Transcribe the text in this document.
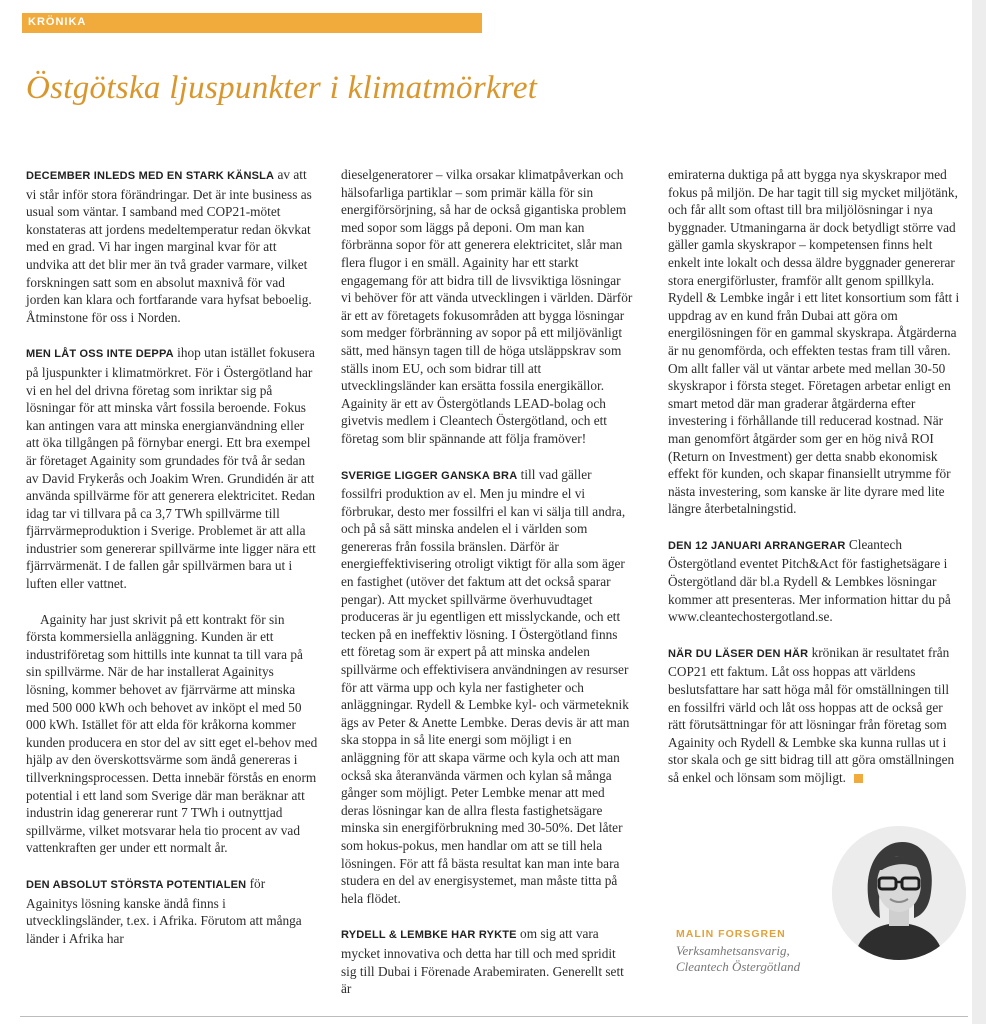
KRÖNIKA
Östgötska ljuspunkter i klimatmörkret

DECEMBER INLEDS MED EN STARK KÄNSLA av att vi står inför stora förändringar. Det är inte business as usual som väntar. I samband med COP21-mötet konstateras att jordens medeltemperatur redan ökvkat med en grad. Vi har ingen marginal kvar för att undvika att det blir mer än två grader varmare, vilket forskningen satt som en absolut maxnivå för vad jorden kan klara och fortfarande vara hyfsat beboelig. Åtminstone för oss i Norden.

MEN LÅT OSS INTE DEPPA ihop utan istället fokusera på ljuspunkter i klimatmörkret. För i Östergötland har vi en hel del drivna företag som inriktar sig på lösningar för att minska vårt fossila beroende. Fokus kan antingen vara att minska energianvändning eller att öka tillgången på förnybar energi. Ett bra exempel är företaget Againity som grundades för två år sedan av David Frykerås och Joakim Wren. Grundidén är att använda spillvärme för att generera elektricitet. Redan idag tar vi tillvara på ca 3,7 TWh spillvärme till fjärrvärmeproduktion i Sverige. Problemet är att alla industrier som genererar spillvärme inte ligger nära ett fjärrvärmenät. I de fallen går spillvärmen bara ut i luften eller vattnet.

Againity har just skrivit på ett kontrakt för sin första kommersiella anläggning. Kunden är ett industriföretag som hittills inte kunnat ta till vara på sin spillvärme. När de har installerat Againitys lösning, kommer behovet av fjärrvärme att minska med 500 000 kWh och behovet av inköpt el med 50 000 kWh. Istället för att elda för kråkorna kommer kunden producera en stor del av sitt eget el-behov med hjälp av den överskottsvärme som ändå genereras i tillverkningsprocessen. Detta innebär förstås en enorm potential i ett land som Sverige där man beräknar att industrin idag genererar runt 7 TWh i outnyttjad spillvärme, vilket motsvarar hela tio procent av vad vattenkraften ger under ett normalt år.

DEN ABSOLUT STÖRSTA POTENTIALEN för Againitys lösning kanske ändå finns i utvecklingsländer, t.ex. i Afrika. Förutom att många länder i Afrika har

dieselgeneratorer – vilka orsakar klimatpåverkan och hälsofarliga partiklar – som primär källa för sin energiförsörjning, så har de också gigantiska problem med sopor som läggs på deponi. Om man kan förbränna sopor för att generera elektricitet, slår man flera flugor i en smäll. Againity har ett starkt engagemang för att bidra till de livsviktiga lösningar vi behöver för att vända utvecklingen i världen. Därför är ett av företagets fokusområden att bygga lösningar som medger förbränning av sopor på ett miljövänligt sätt, med hänsyn tagen till de höga utsläppskrav som ställs inom EU, och som bidrar till att utvecklingsländer kan ersätta fossila energikällor. Againity är ett av Östergötlands LEAD-bolag och givetvis medlem i Cleantech Östergötland, och ett företag som blir spännande att följa framöver!

SVERIGE LIGGER GANSKA BRA till vad gäller fossilfri produktion av el. Men ju mindre el vi förbrukar, desto mer fossilfri el kan vi sälja till andra, och på så sätt minska andelen el i världen som genereras från fossila bränslen. Därför är energieffektivisering otroligt viktigt för alla som äger en fastighet (utöver det faktum att det också sparar pengar). Att mycket spillvärme överhuvudtaget produceras är ju egentligen ett misslyckande, och ett tecken på en ineffektiv lösning. I Östergötland finns ett företag som är expert på att minska andelen spillvärme och effektivisera användningen av resurser för att värma upp och kyla ner fastigheter och anläggningar. Rydell & Lembke kyl- och värmeteknik ägs av Peter & Anette Lembke. Deras devis är att man ska stoppa in så lite energi som möjligt i en anläggning för att skapa värme och kyla och att man också ska återanvända värmen och kylan så många gånger som möjligt. Peter Lembke menar att med deras lösningar kan de allra flesta fastighetsägare minska sin energiförbrukning med 30-50%. Det låter som hokus-pokus, men handlar om att se till hela lösningen. För att få bästa resultat kan man inte bara studera en del av energisystemet, man måste titta på hela flödet.

RYDELL & LEMBKE HAR RYKTE om sig att vara mycket innovativa och detta har till och med spridit sig till Dubai i Förenade Arabemiraten. Generellt sett är

emiraterna duktiga på att bygga nya skyskrapor med fokus på miljön. De har tagit till sig mycket miljötänk, och får allt som oftast till bra miljölösningar i nya byggnader. Utmaningarna är dock betydligt större vad gäller gamla skyskrapor – kompetensen finns helt enkelt inte lokalt och dessa äldre byggnader genererar stora energiförluster, framför allt genom spillkyla. Rydell & Lembke ingår i ett litet konsortium som fått i uppdrag av en kund från Dubai att göra om energilösningen för en gammal skyskrapa. Åtgärderna är nu genomförda, och effekten testas fram till våren. Om allt faller väl ut väntar arbete med mellan 30-50 skyskrapor i första steget. Företagen arbetar enligt en smart metod där man graderar åtgärderna efter investering i förhållande till reducerad kostnad. När man genomfört åtgärder som ger en hög nivå ROI (Return on Investment) ger detta snabb ekonomisk effekt för kunden, och skapar finansiellt utrymme för nästa investering, som kanske är lite dyrare med lite längre återbetalningstid.

DEN 12 JANUARI ARRANGERAR Cleantech Östergötland eventet Pitch&Act för fastighetsägare i Östergötland där bl.a Rydell & Lembkes lösningar kommer att presenteras. Mer information hittar du på www.cleantechostergotland.se.

NÄR DU LÄSER DEN HÄR krönikan är resultatet från COP21 ett faktum. Låt oss hoppas att världens beslutsfattare har satt höga mål för omställningen till en fossilfri värld och låt oss hoppas att de också ger rätt förutsättningar för att lösningar från företag som Againity och Rydell & Lembke ska kunna rullas ut i stor skala och ge sitt bidrag till att göra omställningen så enkel och lönsam som möjligt.

MALIN FORSGREN
Verksamhetsansvarig,
Cleantech Östergötland
